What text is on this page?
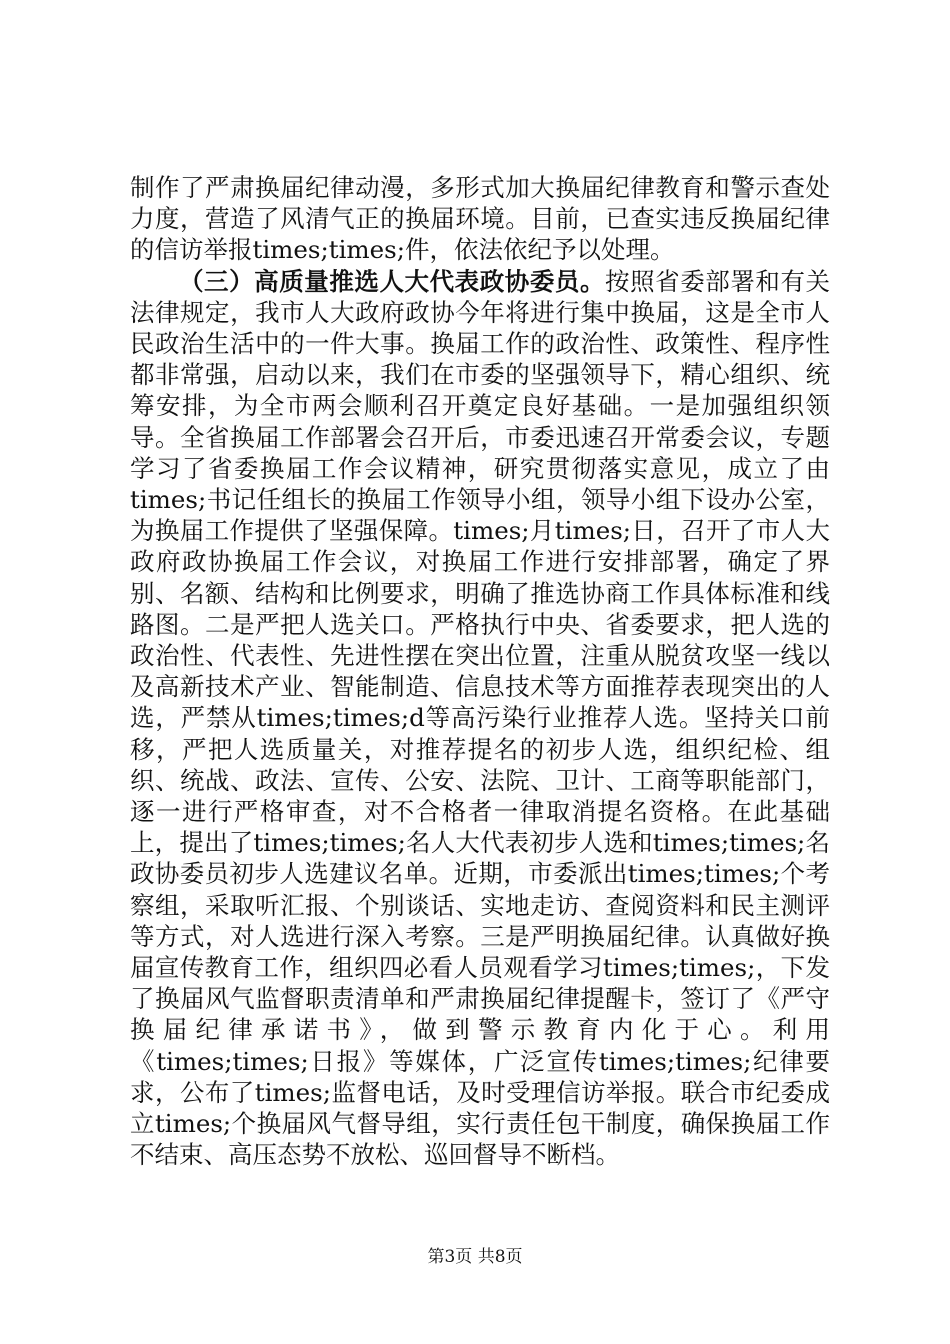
制作了严肃换届纪律动漫，多形式加大换届纪律教育和警示查处力度，营造了风清气正的换届环境。目前，已查实违反换届纪律的信访举报times;times;件，依法依纪予以处理。

（三）高质量推选人大代表政协委员。按照省委部署和有关法律规定，我市人大政府政协今年将进行集中换届，这是全市人民政治生活中的一件大事。换届工作的政治性、政策性、程序性都非常强，启动以来，我们在市委的坚强领导下，精心组织、统筹安排，为全市两会顺利召开奠定良好基础。一是加强组织领导。全省换届工作部署会召开后，市委迅速召开常委会议，专题学习了省委换届工作会议精神，研究贯彻落实意见，成立了由times;书记任组长的换届工作领导小组，领导小组下设办公室，为换届工作提供了坚强保障。times;月times;日，召开了市人大政府政协换届工作会议，对换届工作进行安排部署，确定了界别、名额、结构和比例要求，明确了推选协商工作具体标准和线路图。二是严把人选关口。严格执行中央、省委要求，把人选的政治性、代表性、先进性摆在突出位置，注重从脱贫攻坚一线以及高新技术产业、智能制造、信息技术等方面推荐表现突出的人选，严禁从times;times;d等高污染行业推荐人选。坚持关口前移，严把人选质量关，对推荐提名的初步人选，组织纪检、组织、统战、政法、宣传、公安、法院、卫计、工商等职能部门，逐一进行严格审查，对不合格者一律取消提名资格。在此基础上，提出了times;times;名人大代表初步人选和times;times;名政协委员初步人选建议名单。近期，市委派出times;times;个考察组，采取听汇报、个别谈话、实地走访、查阅资料和民主测评等方式，对人选进行深入考察。三是严明换届纪律。认真做好换届宣传教育工作，组织四必看人员观看学习times;times;，下发了换届风气监督职责清单和严肃换届纪律提醒卡，签订了《严守换届纪律承诺书》，做到警示教育内化于心。利用《times;times;日报》等媒体，广泛宣传times;times;纪律要求，公布了times;监督电话，及时受理信访举报。联合市纪委成立times;个换届风气督导组，实行责任包干制度，确保换届工作不结束、高压态势不放松、巡回督导不断档。

第3页 共8页
